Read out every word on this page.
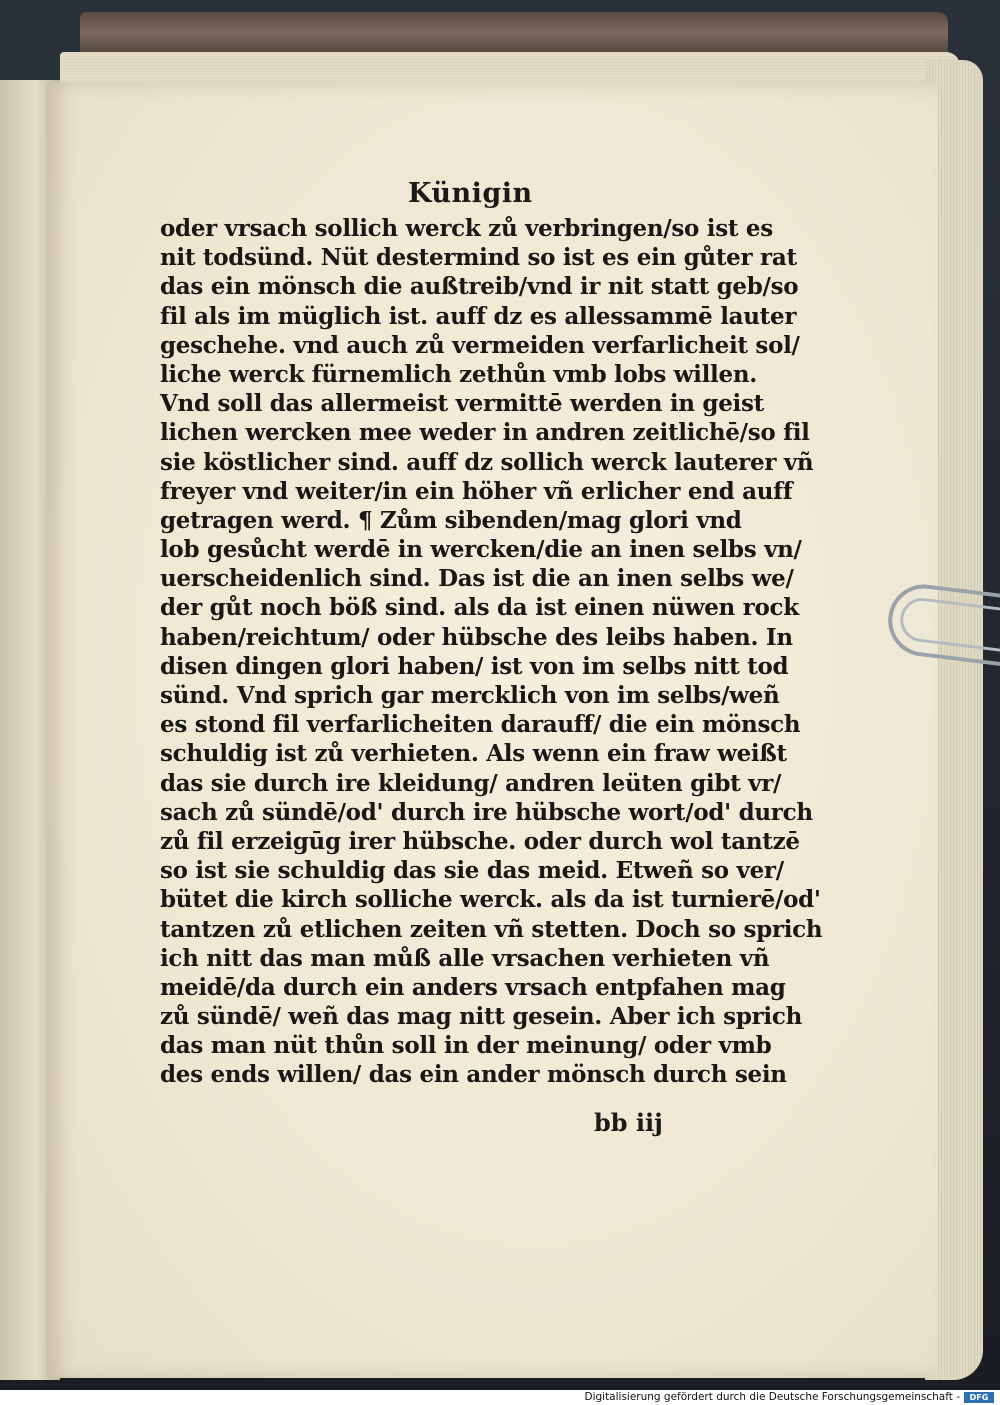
Künigin
oder vrsach sollich werck zů verbringen/so ist es
nit todsünd. Nüt destermind so ist es ein gůter rat
das ein mönsch die außtreib/vnd ir nit statt geb/so
fil als im müglich ist. auff dz es allessammē lauter
geschehe. vnd auch zů vermeiden verfarlicheit sol/
liche werck fürnemlich zethůn vmb lobs willen.
Vnd soll das allermeist vermittē werden in geist
lichen wercken mee weder in andren zeitlichē/so fil
sie köstlicher sind. auff dz sollich werck lauterer vñ
freyer vnd weiter/in ein höher vñ erlicher end auff
getragen werd. ¶ Zům sibenden/mag glori vnd
lob gesůcht werdē in wercken/die an inen selbs vn/
uerscheidenlich sind. Das ist die an inen selbs we/
der gůt noch böß sind. als da ist einen nüwen rock
haben/reichtum/ oder hübsche des leibs haben. In
disen dingen glori haben/ ist von im selbs nitt tod
sünd. Vnd sprich gar mercklich von im selbs/weñ
es stond fil verfarlicheiten darauff/ die ein mönsch
schuldig ist zů verhieten. Als wenn ein fraw weißt
das sie durch ire kleidung/ andren leüten gibt vr/
sach zů sündē/od' durch ire hübsche wort/od' durch
zů fil erzeigūg irer hübsche. oder durch wol tantzē
so ist sie schuldig das sie das meid. Etweñ so ver/
bütet die kirch solliche werck. als da ist turnierē/od'
tantzen zů etlichen zeiten vñ stetten. Doch so sprich
ich nitt das man můß alle vrsachen verhieten vñ
meidē/da durch ein anders vrsach entpfahen mag
zů sündē/ weñ das mag nitt gesein. Aber ich sprich
das man nüt thůn soll in der meinung/ oder vmb
des ends willen/ das ein ander mönsch durch sein
bb iij
Digitalisierung gefördert durch die Deutsche Forschungsgemeinschaft -	DFG
